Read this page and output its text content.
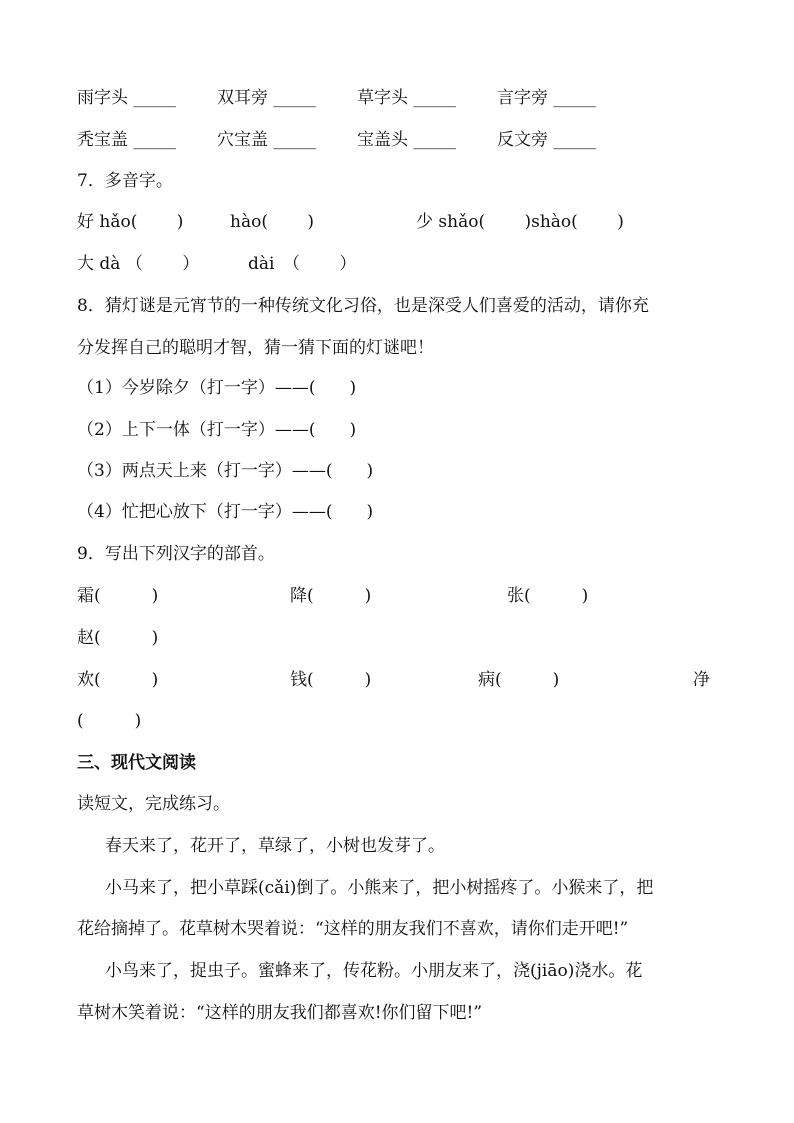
雨字头 _____ 双耳旁 _____ 草字头 _____ 言字旁 _____
秃宝盖 _____ 穴宝盖 _____ 宝盖头 _____ 反文旁 _____
7．多音字。
好 hǎo(　　 )	hào(　　 )	少 shǎo(　　 )shào(　　 )
大 dà （　　 ）	dài　（　　 ）
8．猜灯谜是元宵节的一种传统文化习俗，也是深受人们喜爱的活动，请你充
分发挥自己的聪明才智，猜一猜下面的灯谜吧！
（1）今岁除夕（打一字）——(　　)
（2）上下一体（打一字）——(　　)
（3）两点天上来（打一字）——(　　)
（4）忙把心放下（打一字）——(　　)
9．写出下列汉字的部首。
霜(　　　)	降(　　　)	张(　　　)
赵(　　　)
欢(　　　)	钱(　　　)	病(　　　)	净
(　　　)
三、现代文阅读
读短文，完成练习。
春天来了，花开了，草绿了，小树也发芽了。
小马来了，把小草踩(cǎi)倒了。小熊来了，把小树摇疼了。小猴来了，把
花给摘掉了。花草树木哭着说：“这样的朋友我们不喜欢，请你们走开吧!”
小鸟来了，捉虫子。蜜蜂来了，传花粉。小朋友来了，浇(jiāo)浇水。花
草树木笑着说：“这样的朋友我们都喜欢!你们留下吧!”
